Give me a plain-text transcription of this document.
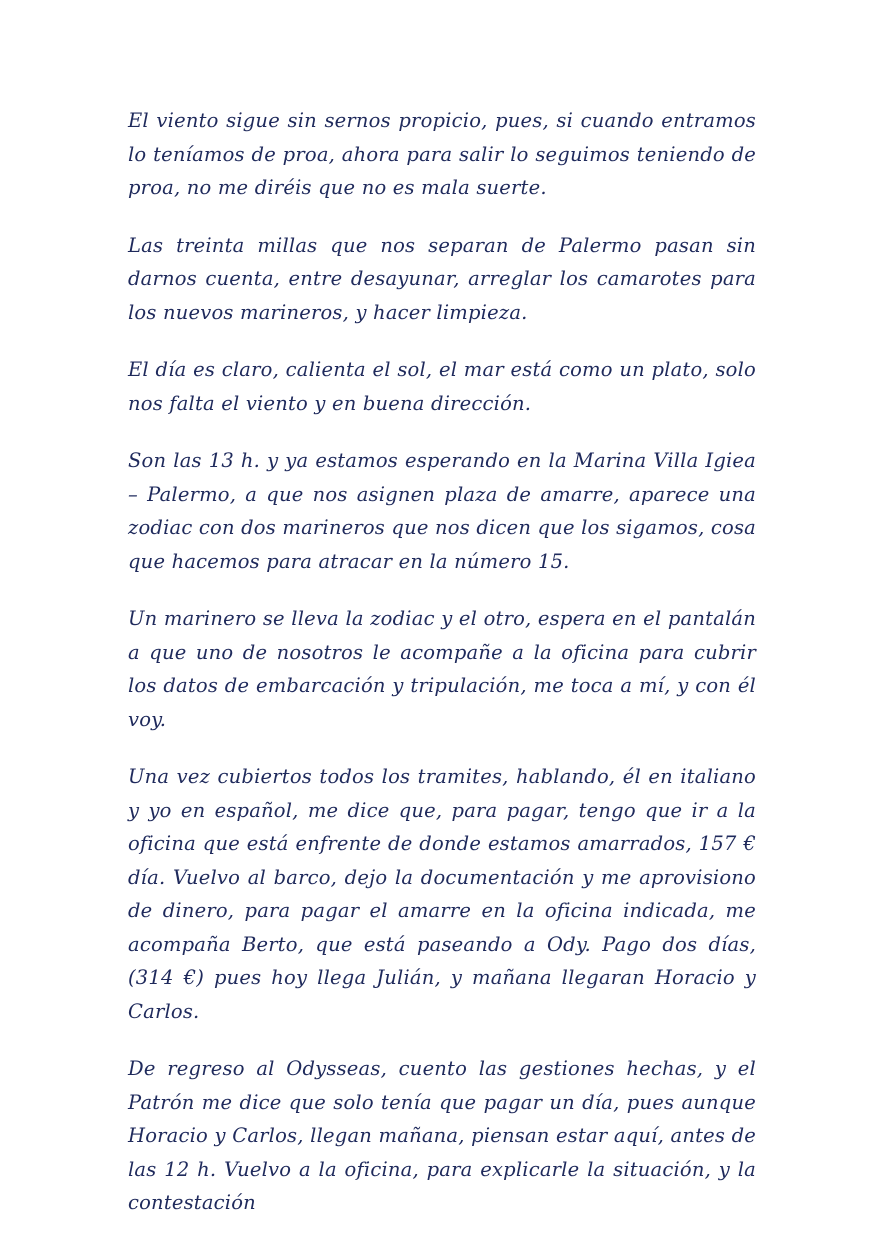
El viento sigue sin sernos propicio, pues, si cuando entramos lo teníamos de proa, ahora para salir lo seguimos teniendo de proa, no me diréis que no es mala suerte.

Las treinta millas que nos separan de Palermo pasan sin darnos cuenta, entre desayunar, arreglar los camarotes para los nuevos marineros, y hacer limpieza.

El día es claro, calienta el sol, el mar está como un plato, solo nos falta el viento y en buena dirección.

Son las 13 h. y ya estamos esperando en la Marina Villa Igiea – Palermo, a que nos asignen plaza de amarre, aparece una zodiac con dos marineros que nos dicen que los sigamos, cosa que hacemos para atracar en la número 15.

Un marinero se lleva la zodiac y el otro, espera en el pantalán a que uno de nosotros le acompañe a la oficina para cubrir los datos de embarcación y tripulación, me toca a mí, y con él voy.

Una vez cubiertos todos los tramites, hablando, él en italiano y yo en español, me dice que, para pagar, tengo que ir a la oficina que está enfrente de donde estamos amarrados, 157 € día. Vuelvo al barco, dejo la documentación y me aprovisiono de dinero, para pagar el amarre en la oficina indicada, me acompaña Berto, que está paseando a Ody. Pago dos días, (314 €) pues hoy llega Julián, y mañana llegaran Horacio y Carlos.

De regreso al Odysseas, cuento las gestiones hechas, y el Patrón me dice que solo tenía que pagar un día, pues aunque Horacio y Carlos, llegan mañana, piensan estar aquí, antes de las 12 h. Vuelvo a la oficina, para explicarle la situación, y la contestación
